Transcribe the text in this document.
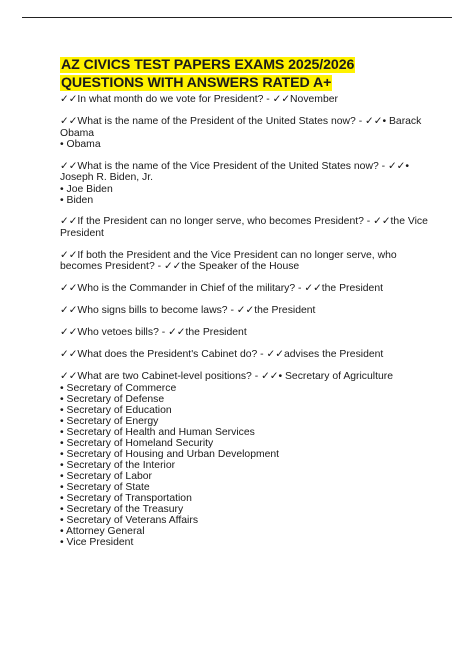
AZ CIVICS TEST PAPERS EXAMS 2025/2026 QUESTIONS WITH ANSWERS RATED A+
✓✓In what month do we vote for President? - ✓✓November
✓✓What is the name of the President of the United States now? - ✓✓• Barack Obama
• Obama
✓✓What is the name of the Vice President of the United States now? - ✓✓• Joseph R. Biden, Jr.
• Joe Biden
• Biden
✓✓If the President can no longer serve, who becomes President? - ✓✓the Vice President
✓✓If both the President and the Vice President can no longer serve, who becomes President? - ✓✓the Speaker of the House
✓✓Who is the Commander in Chief of the military? - ✓✓the President
✓✓Who signs bills to become laws? - ✓✓the President
✓✓Who vetoes bills? - ✓✓the President
✓✓What does the President's Cabinet do? - ✓✓advises the President
✓✓What are two Cabinet-level positions? - ✓✓• Secretary of Agriculture
• Secretary of Commerce
• Secretary of Defense
• Secretary of Education
• Secretary of Energy
• Secretary of Health and Human Services
• Secretary of Homeland Security
• Secretary of Housing and Urban Development
• Secretary of the Interior
• Secretary of Labor
• Secretary of State
• Secretary of Transportation
• Secretary of the Treasury
• Secretary of Veterans Affairs
• Attorney General
• Vice President
